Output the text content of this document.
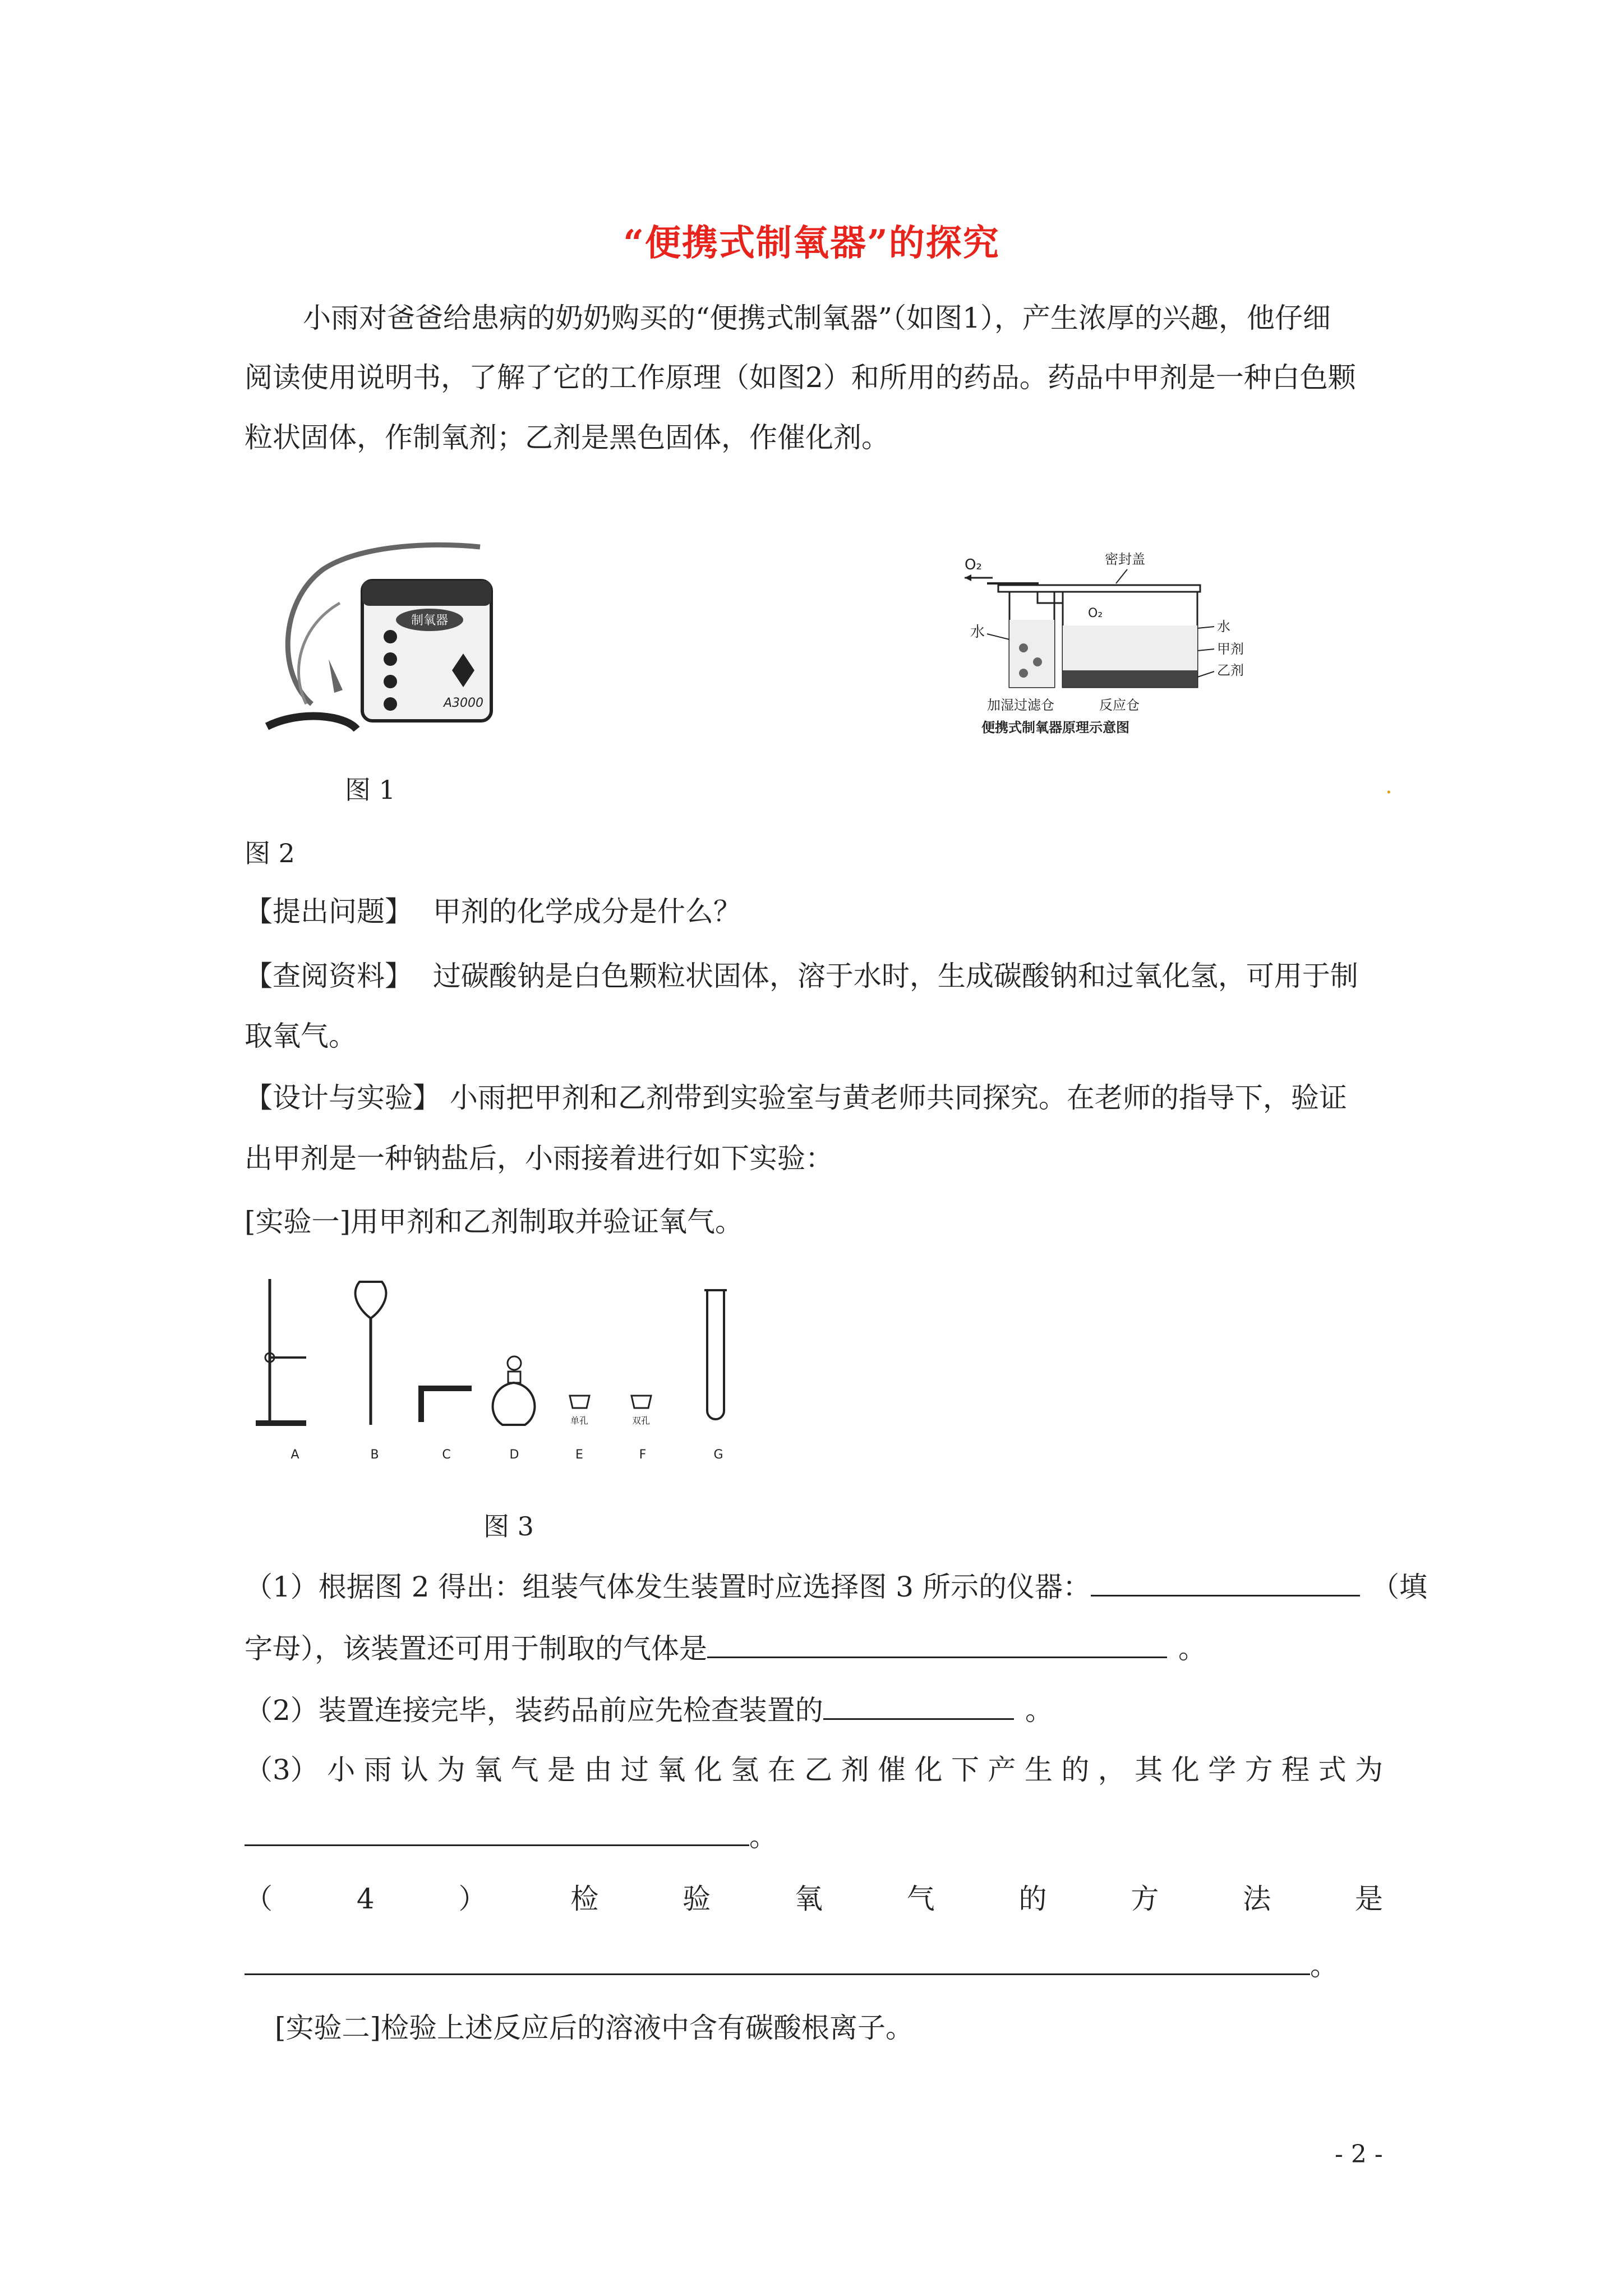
“便携式制氧器”的探究
小雨对爸爸给患病的奶奶购买的“便携式制氧器”（如图1），产生浓厚的兴趣，他仔细
阅读使用说明书，了解了它的工作原理（如图2）和所用的药品。药品中甲剂是一种白色颗
粒状固体，作制氧剂；乙剂是黑色固体，作催化剂。
制氧器
A3000
图 1
O₂	密封盖
O₂
水	水
甲剂
乙剂
加湿过滤仓	反应仓
便携式制氧器原理示意图
.
图 2
【提出问题】 甲剂的化学成分是什么？
【查阅资料】 过碳酸钠是白色颗粒状固体，溶于水时，生成碳酸钠和过氧化氢，可用于制
取氧气。
【设计与实验】 小雨把甲剂和乙剂带到实验室与黄老师共同探究。在老师的指导下，验证
出甲剂是一种钠盐后，小雨接着进行如下实验：
[实验一]用甲剂和乙剂制取并验证氧气。
单孔	双孔
A	B	C	D	E	F	G
图 3
（1）根据图 2 得出：组装气体发生装置时应选择图 3 所示的仪器：	（填
字母），该装置还可用于制取的气体是	。
（2）装置连接完毕，装药品前应先检查装置的	。
（3） 小 雨 认 为 氧 气 是 由 过 氧 化 氢 在 乙 剂 催 化 下 产 生 的 ， 其 化 学 方 程 式 为
。
（	4	）	检	验	氧	气	的	方	法	是
。
[实验二]检验上述反应后的溶液中含有碳酸根离子。
- 2 -
